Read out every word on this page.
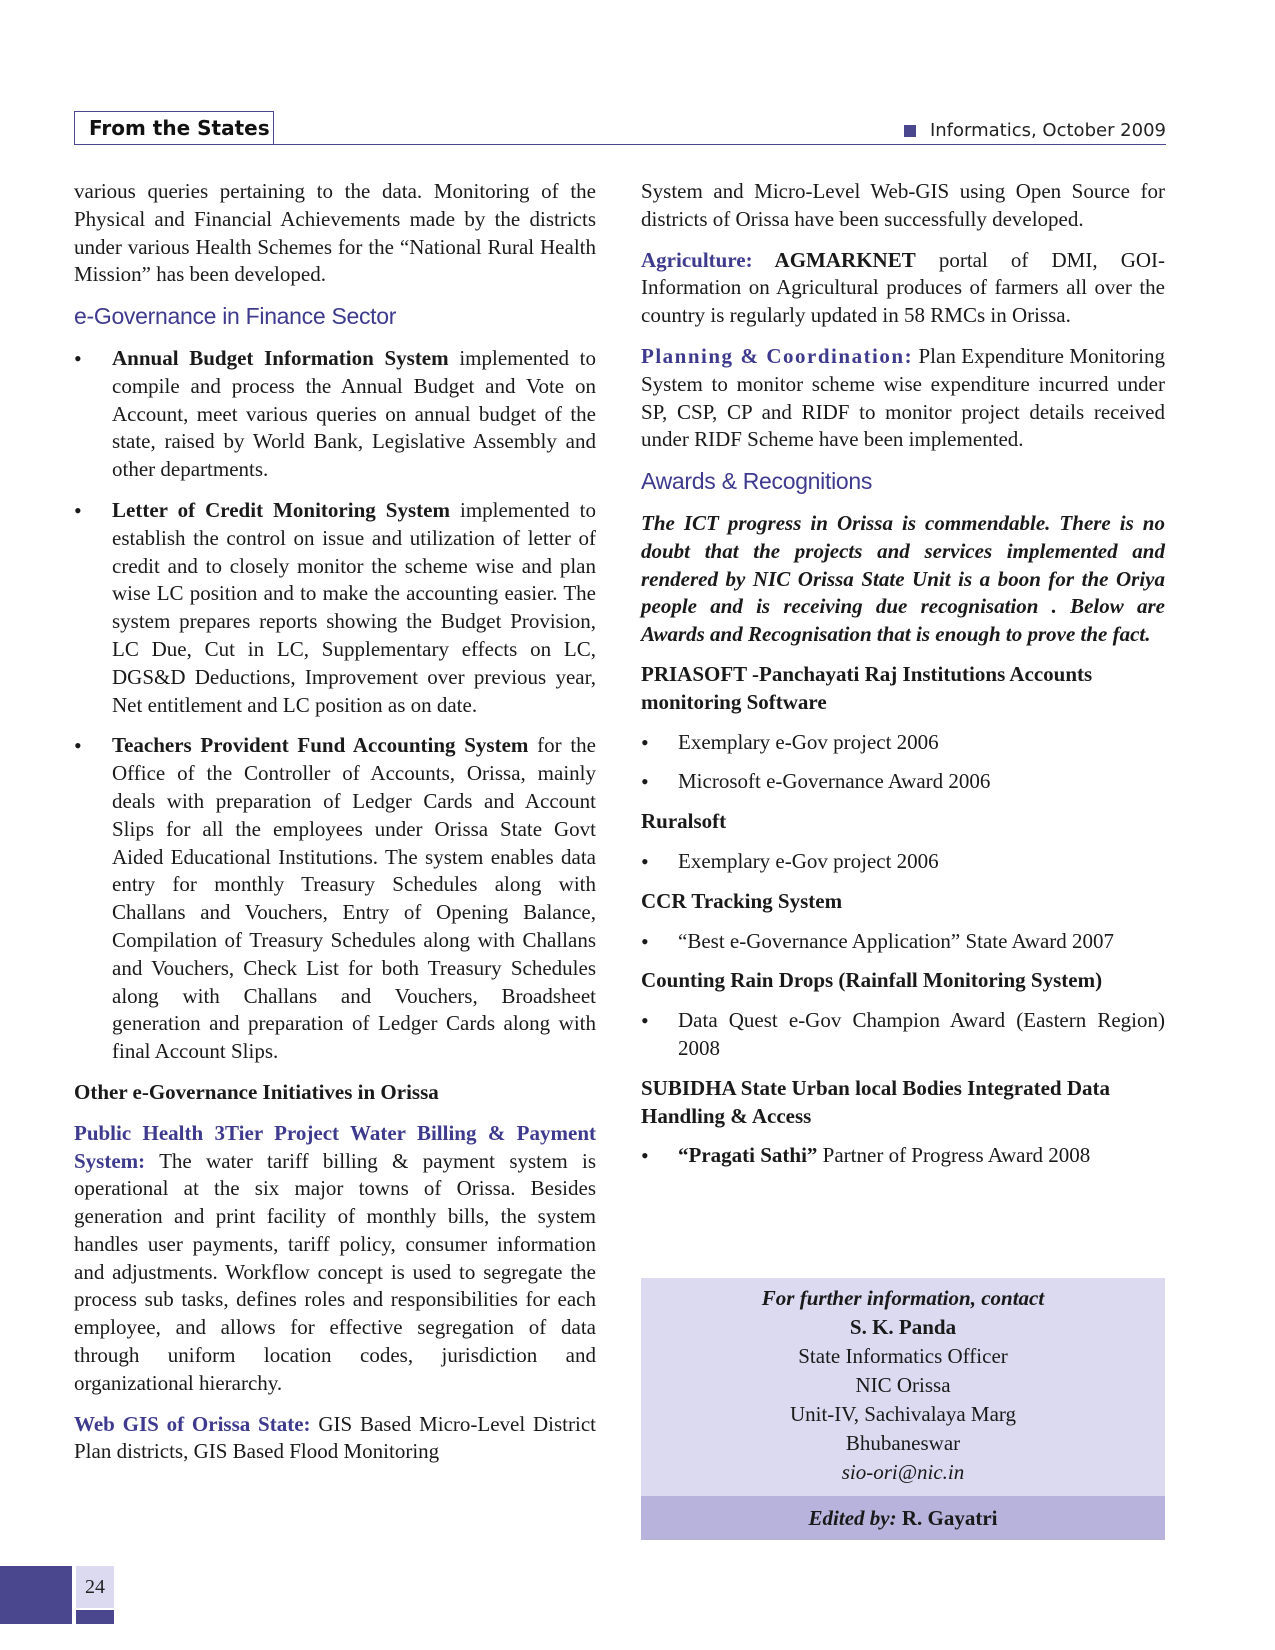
From the States	Informatics, October 2009

various queries pertaining to the data. Monitoring of the Physical and Financial Achievements made by the districts under various Health Schemes for the “National Rural Health Mission” has been developed.

e-Governance in Finance Sector
• Annual Budget Information System implemented to compile and process the Annual Budget and Vote on Account, meet various queries on annual budget of the state, raised by World Bank, Legislative Assembly and other departments.
• Letter of Credit Monitoring System implemented to establish the control on issue and utilization of letter of credit and to closely monitor the scheme wise and plan wise LC position and to make the accounting easier. The system prepares reports showing the Budget Provision, LC Due, Cut in LC, Supplementary effects on LC, DGS&D Deductions, Improvement over previous year, Net entitlement and LC position as on date.
• Teachers Provident Fund Accounting System for the Office of the Controller of Accounts, Orissa, mainly deals with preparation of Ledger Cards and Account Slips for all the employees under Orissa State Govt Aided Educational Institutions. The system enables data entry for monthly Treasury Schedules along with Challans and Vouchers, Entry of Opening Balance, Compilation of Treasury Schedules along with Challans and Vouchers, Check List for both Treasury Schedules along with Challans and Vouchers, Broadsheet generation and preparation of Ledger Cards along with final Account Slips.

Other e-Governance Initiatives in Orissa

Public Health 3Tier Project Water Billing & Payment System: The water tariff billing & payment system is operational at the six major towns of Orissa. Besides generation and print facility of monthly bills, the system handles user payments, tariff policy, consumer information and adjustments. Workflow concept is used to segregate the process sub tasks, defines roles and responsibilities for each employee, and allows for effective segregation of data through uniform location codes, jurisdiction and organizational hierarchy.

Web GIS of Orissa State: GIS Based Micro-Level District Plan districts, GIS Based Flood Monitoring

System and Micro-Level Web-GIS using Open Source for districts of Orissa have been successfully developed.

Agriculture: AGMARKNET portal of DMI, GOI- Information on Agricultural produces of farmers all over the country is regularly updated in 58 RMCs in Orissa.

Planning & Coordination: Plan Expenditure Monitoring System to monitor scheme wise expenditure incurred under SP, CSP, CP and RIDF to monitor project details received under RIDF Scheme have been implemented.

Awards & Recognitions

The ICT progress in Orissa is commendable. There is no doubt that the projects and services implemented and rendered by NIC Orissa State Unit is a boon for the Oriya people and is receiving due recognisation . Below are Awards and Recognisation that is enough to prove the fact.

PRIASOFT -Panchayati Raj Institutions Accounts monitoring Software
• Exemplary e-Gov project 2006
• Microsoft e-Governance Award 2006
Ruralsoft
• Exemplary e-Gov project 2006
CCR Tracking System
• “Best e-Governance Application” State Award 2007
Counting Rain Drops (Rainfall Monitoring System)
• Data Quest e-Gov Champion Award (Eastern Region) 2008
SUBIDHA State Urban local Bodies Integrated Data Handling & Access
• “Pragati Sathi” Partner of Progress Award 2008
For further information, contact
S. K. Panda
State Informatics Officer
NIC Orissa
Unit-IV, Sachivalaya Marg
Bhubaneswar
sio-ori@nic.in
Edited by: R. Gayatri
24
